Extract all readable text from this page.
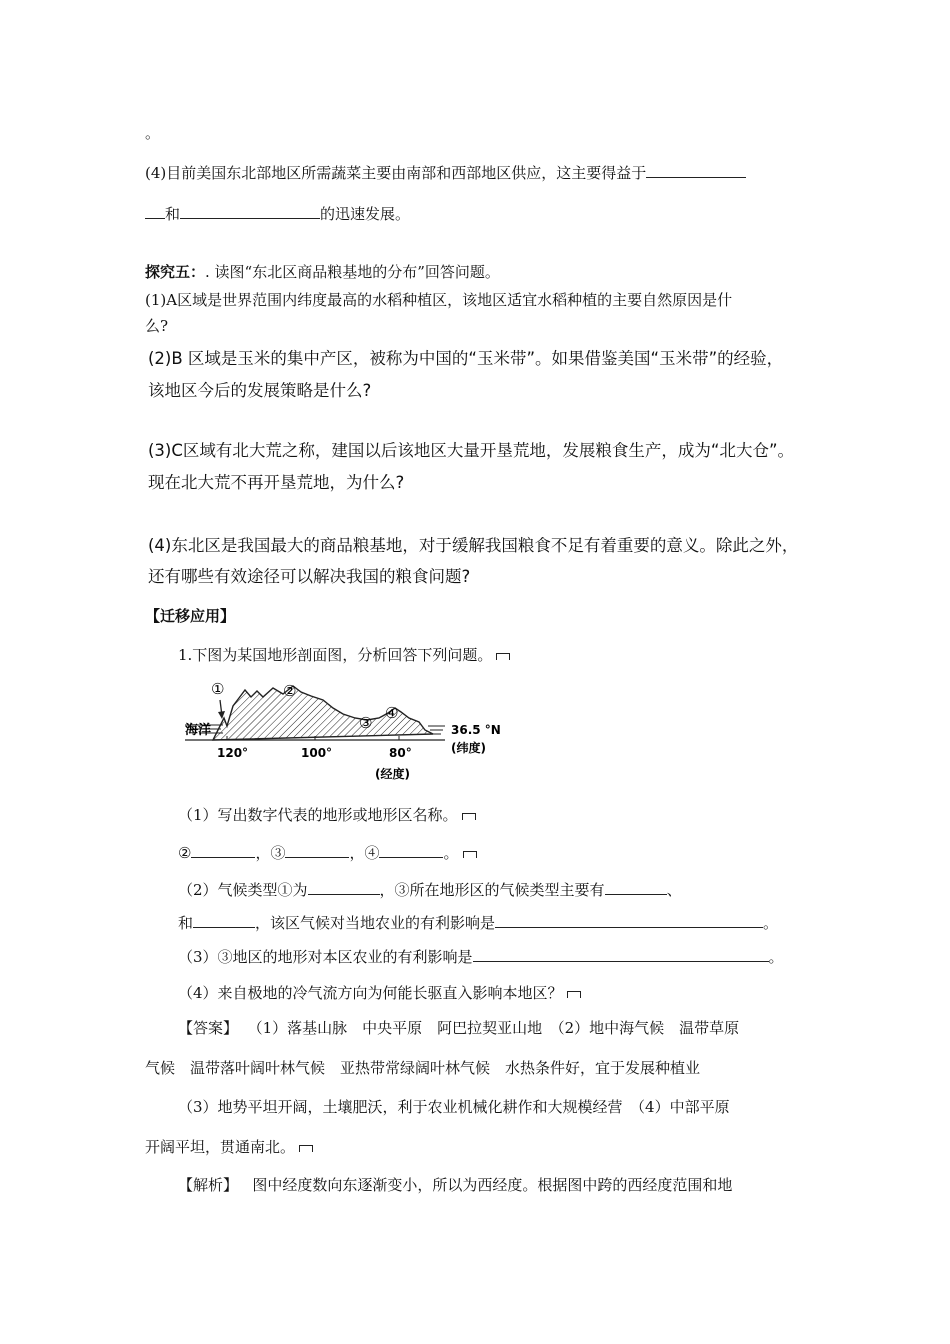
。
(4)目前美国东北部地区所需蔬菜主要由南部和西部地区供应，这主要得益于
和	的迅速发展。
探究五：. 读图“东北区商品粮基地的分布”回答问题。
(1)A区域是世界范围内纬度最高的水稻种植区，该地区适宜水稻种植的主要自然原因是什
么?
(2)B 区域是玉米的集中产区，被称为中国的“玉米带”。如果借鉴美国“玉米带”的经验，
该地区今后的发展策略是什么?
(3)C区域有北大荒之称，建国以后该地区大量开垦荒地，发展粮食生产，成为“北大仓”。
现在北大荒不再开垦荒地，为什么?
(4)东北区是我国最大的商品粮基地，对于缓解我国粮食不足有着重要的意义。除此之外，
还有哪些有效途径可以解决我国的粮食问题?
【迁移应用】
1.下图为某国地形剖面图，分析回答下列问题。
①	②
③
④
海洋	36.5 °N
(纬度)
120°	100°	80°
(经度)
（1）写出数字代表的地形或地形区名称。
②	，③	，④	。
（2）气候类型①为	，③所在地形区的气候类型主要有	、
和	，该区气候对当地农业的有利影响是	。
（3）③地区的地形对本区农业的有利影响是	。
（4）来自极地的冷气流方向为何能长驱直入影响本地区？
【答案】 （1）落基山脉　中央平原　阿巴拉契亚山地　（2）地中海气候　温带草原
气候　温带落叶阔叶林气候　亚热带常绿阔叶林气候　水热条件好，宜于发展种植业
（3）地势平坦开阔，土壤肥沃，利于农业机械化耕作和大规模经营　（4）中部平原
开阔平坦，贯通南北。
【解析】 图中经度数向东逐渐变小，所以为西经度。根据图中跨的西经度范围和地
